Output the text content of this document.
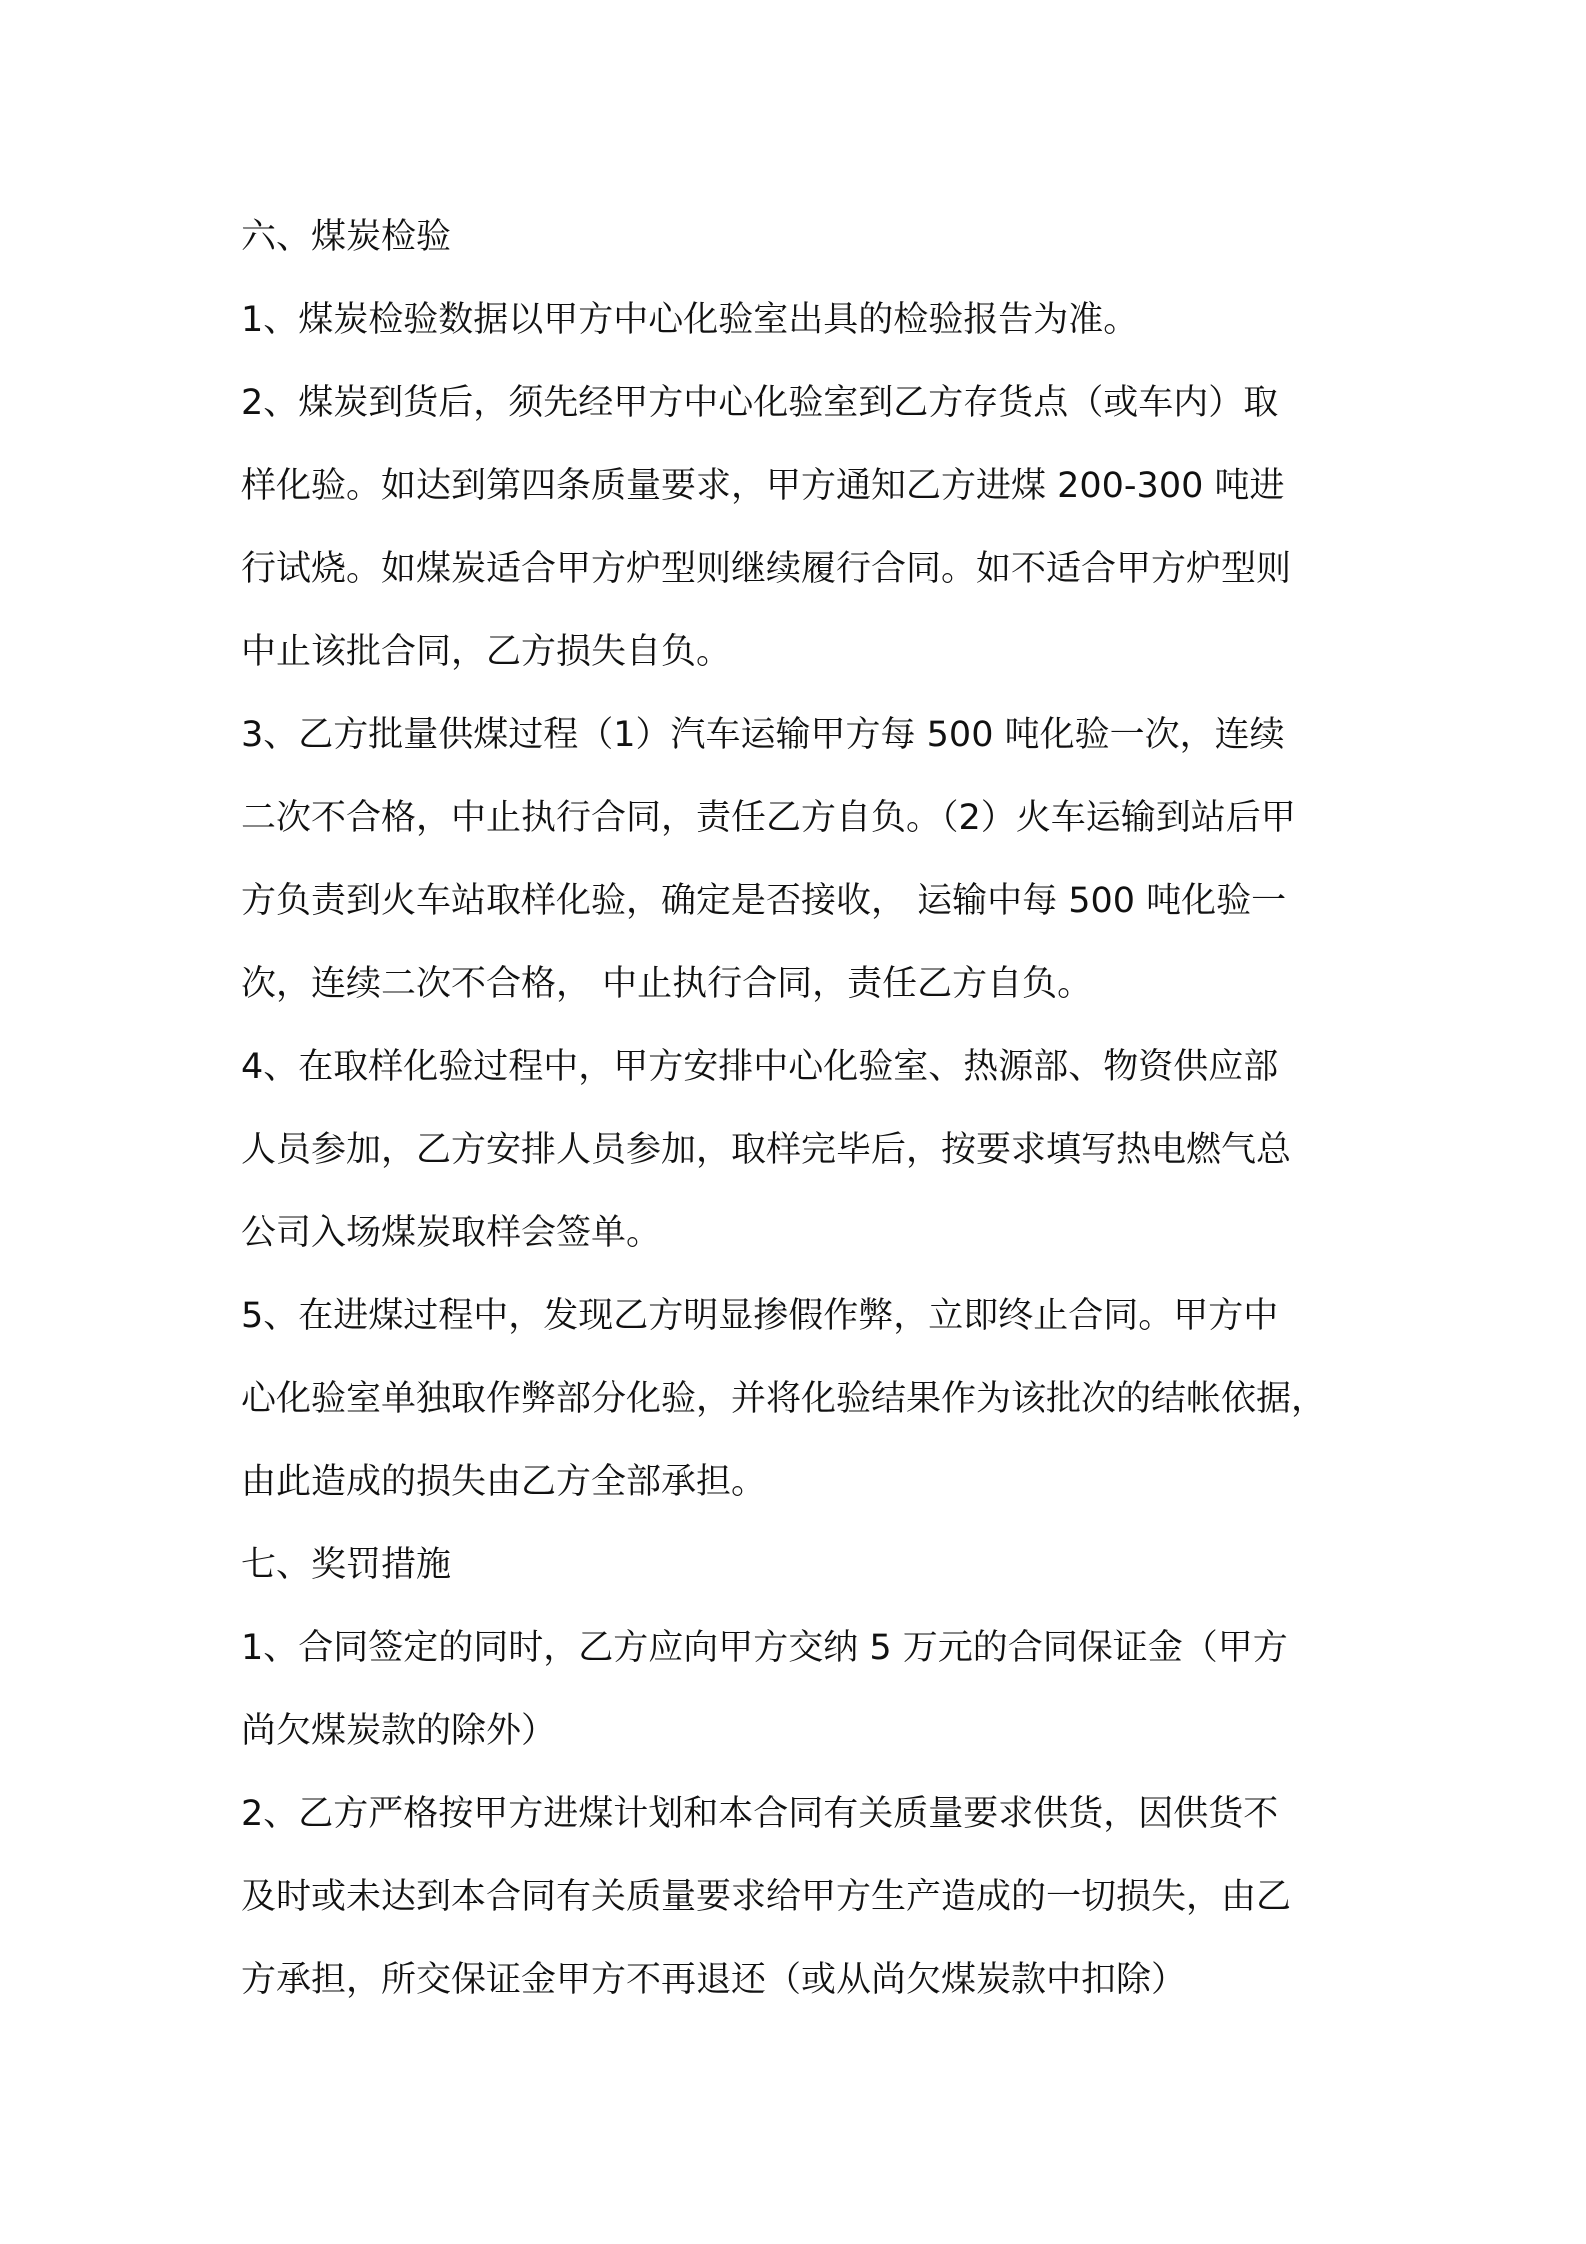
六、煤炭检验
1、煤炭检验数据以甲方中心化验室出具的检验报告为准。
2、煤炭到货后，须先经甲方中心化验室到乙方存货点（或车内）取
样化验。如达到第四条质量要求，甲方通知乙方进煤 200-300 吨进
行试烧。如煤炭适合甲方炉型则继续履行合同。如不适合甲方炉型则
中止该批合同，乙方损失自负。
3、乙方批量供煤过程（1）汽车运输甲方每 500 吨化验一次，连续
二次不合格，中止执行合同，责任乙方自负。（2）火车运输到站后甲
方负责到火车站取样化验，确定是否接收， 运输中每 500 吨化验一
次，连续二次不合格， 中止执行合同，责任乙方自负。
4、在取样化验过程中，甲方安排中心化验室、热源部、物资供应部
人员参加，乙方安排人员参加，取样完毕后，按要求填写热电燃气总
公司入场煤炭取样会签单。
5、在进煤过程中，发现乙方明显掺假作弊，立即终止合同。甲方中
心化验室单独取作弊部分化验，并将化验结果作为该批次的结帐依据，
由此造成的损失由乙方全部承担。
七、奖罚措施
1、合同签定的同时，乙方应向甲方交纳 5 万元的合同保证金（甲方
尚欠煤炭款的除外）
2、乙方严格按甲方进煤计划和本合同有关质量要求供货，因供货不
及时或未达到本合同有关质量要求给甲方生产造成的一切损失，由乙
方承担，所交保证金甲方不再退还（或从尚欠煤炭款中扣除）
